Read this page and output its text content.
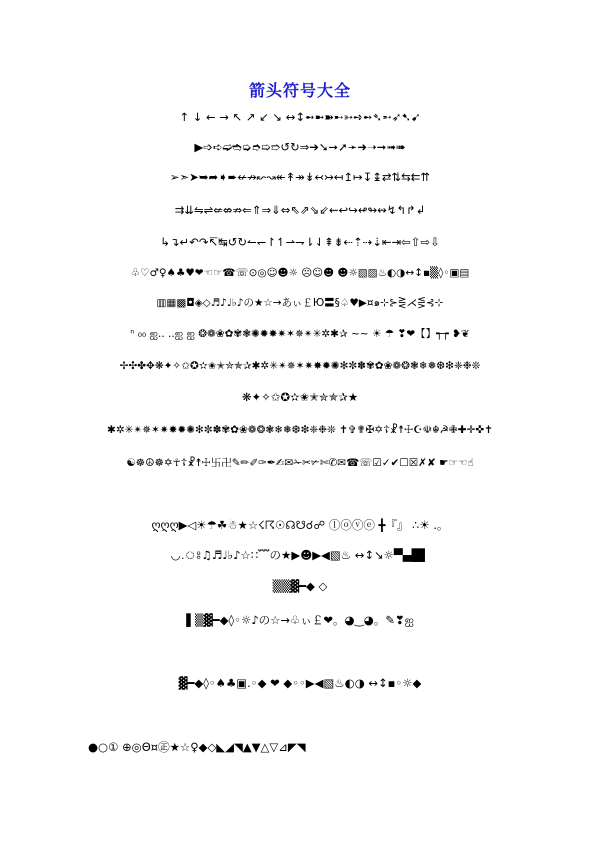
箭头符号大全
↑ ↓ ← → ↖ ↗ ↙ ↘ ↔↕➻➼➽➸➳➺➻➴➵➶➷➹
▶➩➪➫➬➭➮➯➱↺↻⇒➔➘➙➚➛➜➝➞➟➠
➢➣➤➥➦➧➨↚↛↜↝↞↟↠↡↢↣↤↥↦↧↨⇄⇅⇆⇇⇈
⇉⇊⇋⇌⇍⇎⇏⇐⇑⇒⇓⇔⇖⇗⇘⇙⇜↩↪↫↬↭↯↰↱↲
↳↴↵↶↷↸↹↺↻↼↽↾↿⇀⇁⇂⇃⇞⇟⇠⇡⇢⇣⇤⇥⇦⇧⇨⇩
♧♡♂♀♠♣♥❤☜☞☎☏⊙◎☺☻☼ ☹☺☻ ☻☼▧▨♨◐◑↔↕▪▒◊◦▣▤
▥▦▩◘◈◇♬♪♩♭♪の★☆→あぃ￡Ю〓§♤♥▶¤๑⊹⊱⋛⋌⋚⊰⊹
ⁿ ₀₀ ஐ.. ..ஐ ஐ ❂❁❀✿✾❃✺✹✸✷✶✵✴✳✲✱✰ ~~ ☀ ☂ ❣❤【】┭┮ ❥❦
✢✣✤✥❋✦✧✩✪✫✬✭✮✯✰✱✲✳✴✵✶✷✸✹✺✻✼✽✾✿❀❁❂❃❄❅❆❇❈❉❊
❋✦✧✩✪✫✬✭✮✯✰★
✱✲✳✴✵✶✷✸✹✺✻✼✽✾✿❀❁❂❃❄❅❆❇❈❉❊ ✝✞✟✠✡☦☧☨☩☪☫☬☭✙✚✛✜✝
☯☸☮☸✡☥☦☧☨☩卐卍✎✏✐✑✒✍✉✁✂✃✄✆✉☎☏☑✓✔☐☒✗✘ ☛☞☜☝
ღღღ▶◁☀☂☘☃★☆☇☈☉☊☋☌☍ ⓛⓞⓥⓔ ╋『』 ∴☀ .。
◡.ঃ♫♬♩♭♪☆∷﹌の★▶☻▶◀▧♨ ↔↕↘☼▀▄█▌
▒▒▓━◆ ◇
▌▒▓━◆◊◦☼♪の☆→♧ぃ￡❤。◕‿◕。✎❣ஐ
▓━◆◊◦♠♣▣.◦◆ ❤ ◆◦◦▶◀▧♨◐◑ ↔↕▪◦☼◆
●○① ⊕◎Θ¤㊣★☆♀◆◇◣◢◥▲▼△▽⊿◤◥
